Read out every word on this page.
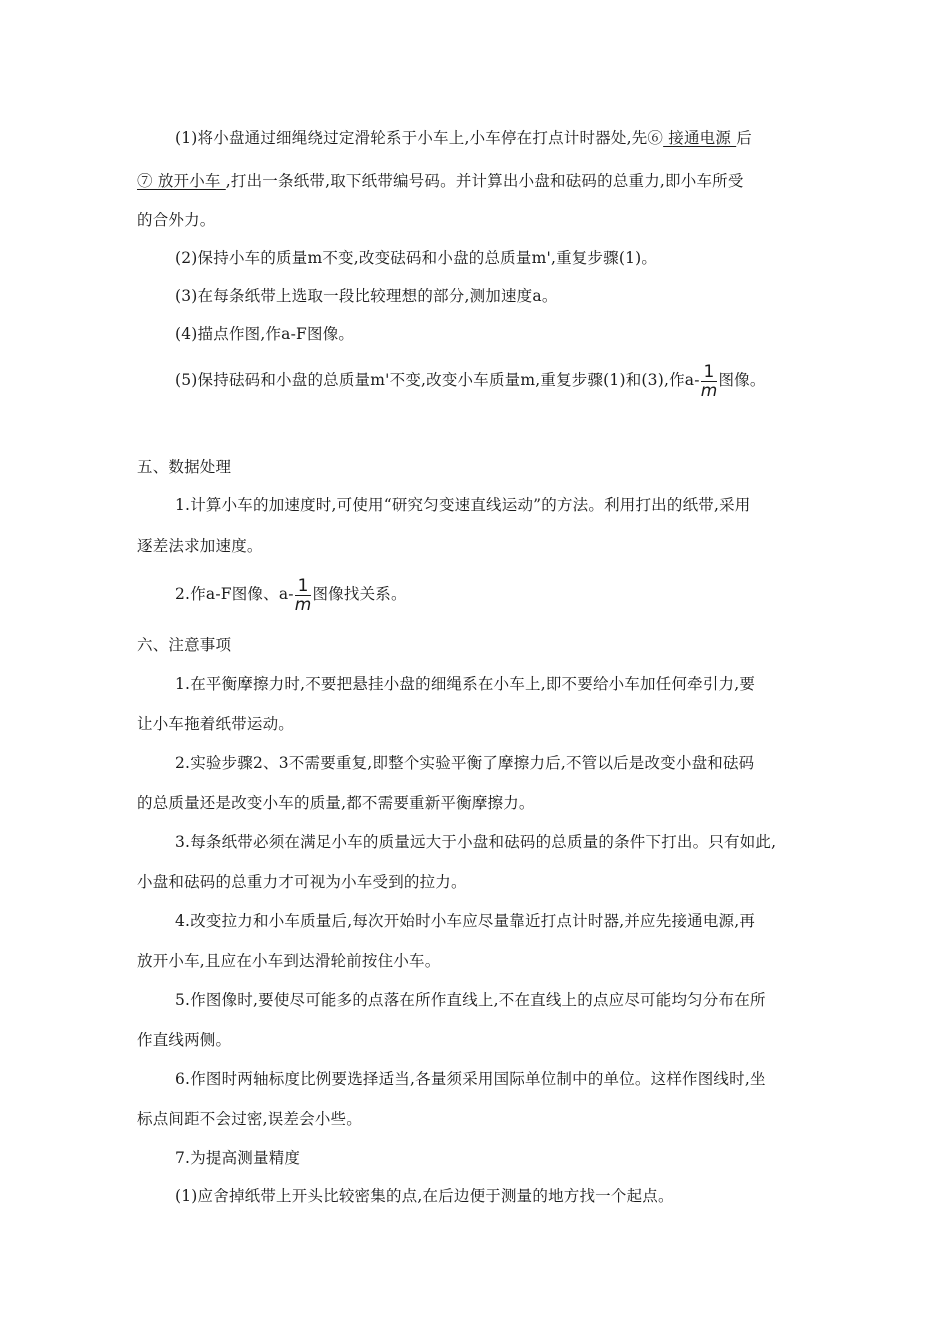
(1)将小盘通过细绳绕过定滑轮系于小车上,小车停在打点计时器处,先⑥ 接通电源 后
⑦ 放开小车 ,打出一条纸带,取下纸带编号码。并计算出小盘和砝码的总重力,即小车所受
的合外力。
(2)保持小车的质量m不变,改变砝码和小盘的总质量m',重复步骤(1)。
(3)在每条纸带上选取一段比较理想的部分,测加速度a。
(4)描点作图,作a-F图像。
(5)保持砝码和小盘的总质量m'不变,改变小车质量m,重复步骤(1)和(3),作$a- \frac{1}{m}$ 图像。
五、数据处理
1.计算小车的加速度时,可使用“研究匀变速直线运动”的方法。利用打出的纸带,采用
逐差法求加速度。
2.作a-F图像、$a- \frac{1}{m}$ 图像找关系。
六、注意事项
1.在平衡摩擦力时,不要把悬挂小盘的细绳系在小车上,即不要给小车加任何牵引力,要
让小车拖着纸带运动。
2.实验步骤2、3不需要重复,即整个实验平衡了摩擦力后,不管以后是改变小盘和砝码
的总质量还是改变小车的质量,都不需要重新平衡摩擦力。
3.每条纸带必须在满足小车的质量远大于小盘和砝码的总质量的条件下打出。只有如此,
小盘和砝码的总重力才可视为小车受到的拉力。
4.改变拉力和小车质量后,每次开始时小车应尽量靠近打点计时器,并应先接通电源,再
放开小车,且应在小车到达滑轮前按住小车。
5.作图像时,要使尽可能多的点落在所作直线上,不在直线上的点应尽可能均匀分布在所
作直线两侧。
6.作图时两轴标度比例要选择适当,各量须采用国际单位制中的单位。这样作图线时,坐
标点间距不会过密,误差会小些。
7.为提高测量精度
(1)应舍掉纸带上开头比较密集的点,在后边便于测量的地方找一个起点。
